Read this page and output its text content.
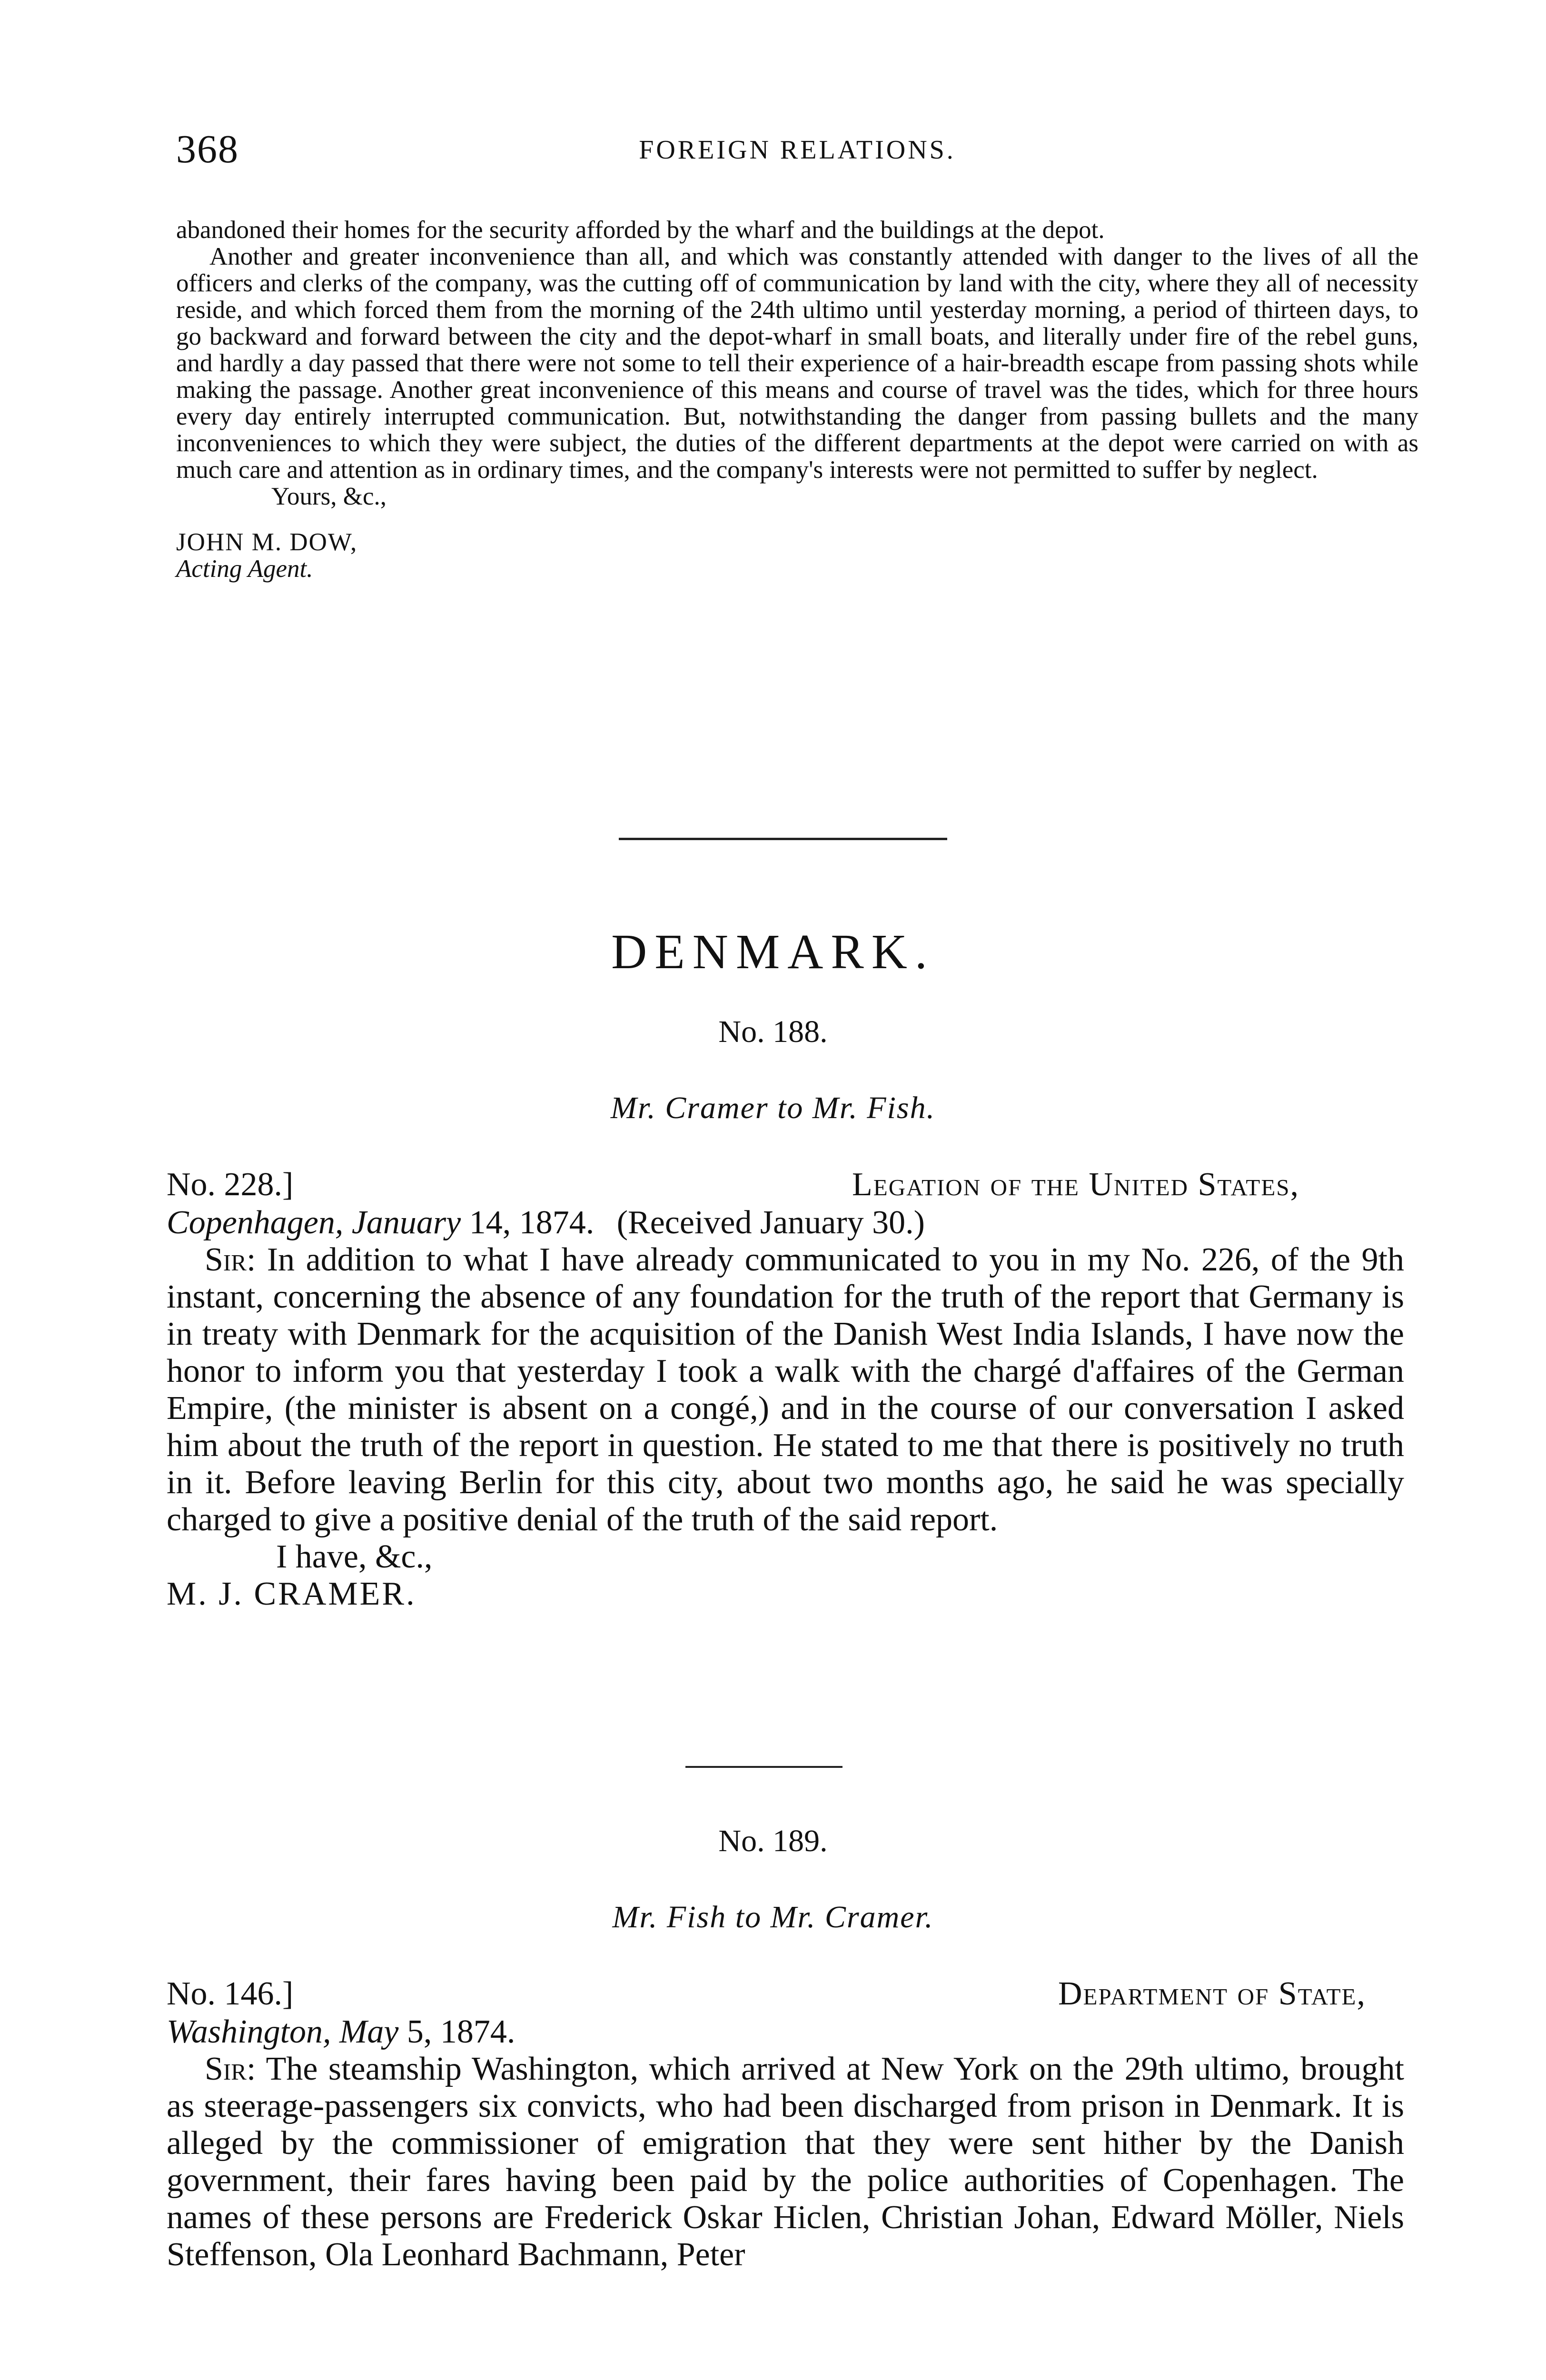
368	FOREIGN RELATIONS.

abandoned their homes for the security afforded by the wharf and the buildings at the depot.

Another and greater inconvenience than all, and which was constantly attended with danger to the lives of all the officers and clerks of the company, was the cutting off of communication by land with the city, where they all of necessity reside, and which forced them from the morning of the 24th ultimo until yesterday morning, a period of thirteen days, to go backward and forward between the city and the depot-wharf in small boats, and literally under fire of the rebel guns, and hardly a day passed that there were not some to tell their experience of a hair-breadth escape from passing shots while making the passage. Another great inconvenience of this means and course of travel was the tides, which for three hours every day entirely interrupted communication. But, notwithstanding the danger from passing bullets and the many inconveniences to which they were subject, the duties of the different departments at the depot were carried on with as much care and attention as in ordinary times, and the company's interests were not permitted to suffer by neglect.

Yours, &c.,

JOHN M. DOW,

Acting Agent.

DENMARK.
No. 188.
Mr. Cramer to Mr. Fish.
No. 228.]	Legation of the United States,

Copenhagen, January 14, 1874. (Received January 30.)

Sir: In addition to what I have already communicated to you in my No. 226, of the 9th instant, concerning the absence of any foundation for the truth of the report that Germany is in treaty with Denmark for the acquisition of the Danish West India Islands, I have now the honor to inform you that yesterday I took a walk with the chargé d'affaires of the German Empire, (the minister is absent on a congé,) and in the course of our conversation I asked him about the truth of the report in question. He stated to me that there is positively no truth in it. Before leaving Berlin for this city, about two months ago, he said he was specially charged to give a positive denial of the truth of the said report.

I have, &c.,

M. J. CRAMER.

No. 189.
Mr. Fish to Mr. Cramer.
No. 146.]	Department of State,

Washington, May 5, 1874.

Sir: The steamship Washington, which arrived at New York on the 29th ultimo, brought as steerage-passengers six convicts, who had been discharged from prison in Denmark. It is alleged by the commissioner of emigration that they were sent hither by the Danish government, their fares having been paid by the police authorities of Copenhagen. The names of these persons are Frederick Oskar Hiclen, Christian Johan, Edward Möller, Niels Steffenson, Ola Leonhard Bachmann, Peter
